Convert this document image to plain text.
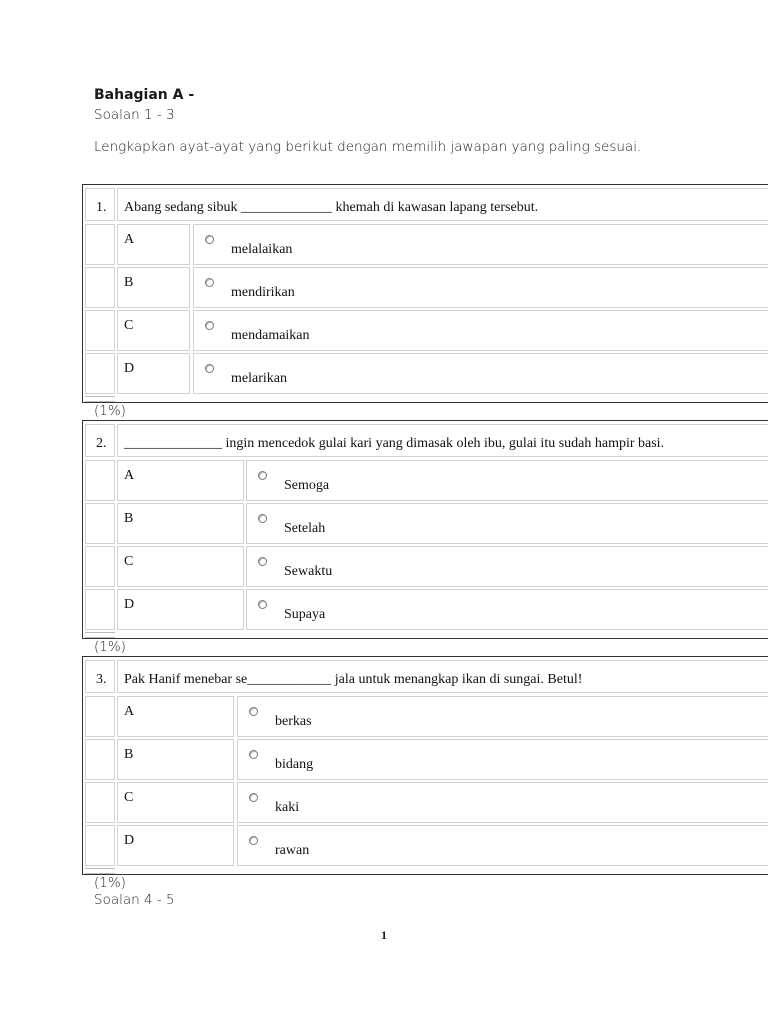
Bahagian A -
Soalan 1 - 3
Lengkapkan ayat-ayat yang berikut dengan memilih jawapan yang paling sesuai.
1. Abang sedang sibuk _____________ khemah di kawasan lapang tersebut.
A
melalaikan
B
mendirikan
C
mendamaikan
D
melarikan
(1%)
2. ______________ ingin mencedok gulai kari yang dimasak oleh ibu, gulai itu sudah hampir basi.
A
Semoga
B
Setelah
C
Sewaktu
D
Supaya
(1%)
3. Pak Hanif menebar se____________ jala untuk menangkap ikan di sungai. Betul!
A
berkas
B
bidang
C
kaki
D
rawan
(1%)
Soalan 4 - 5
1
